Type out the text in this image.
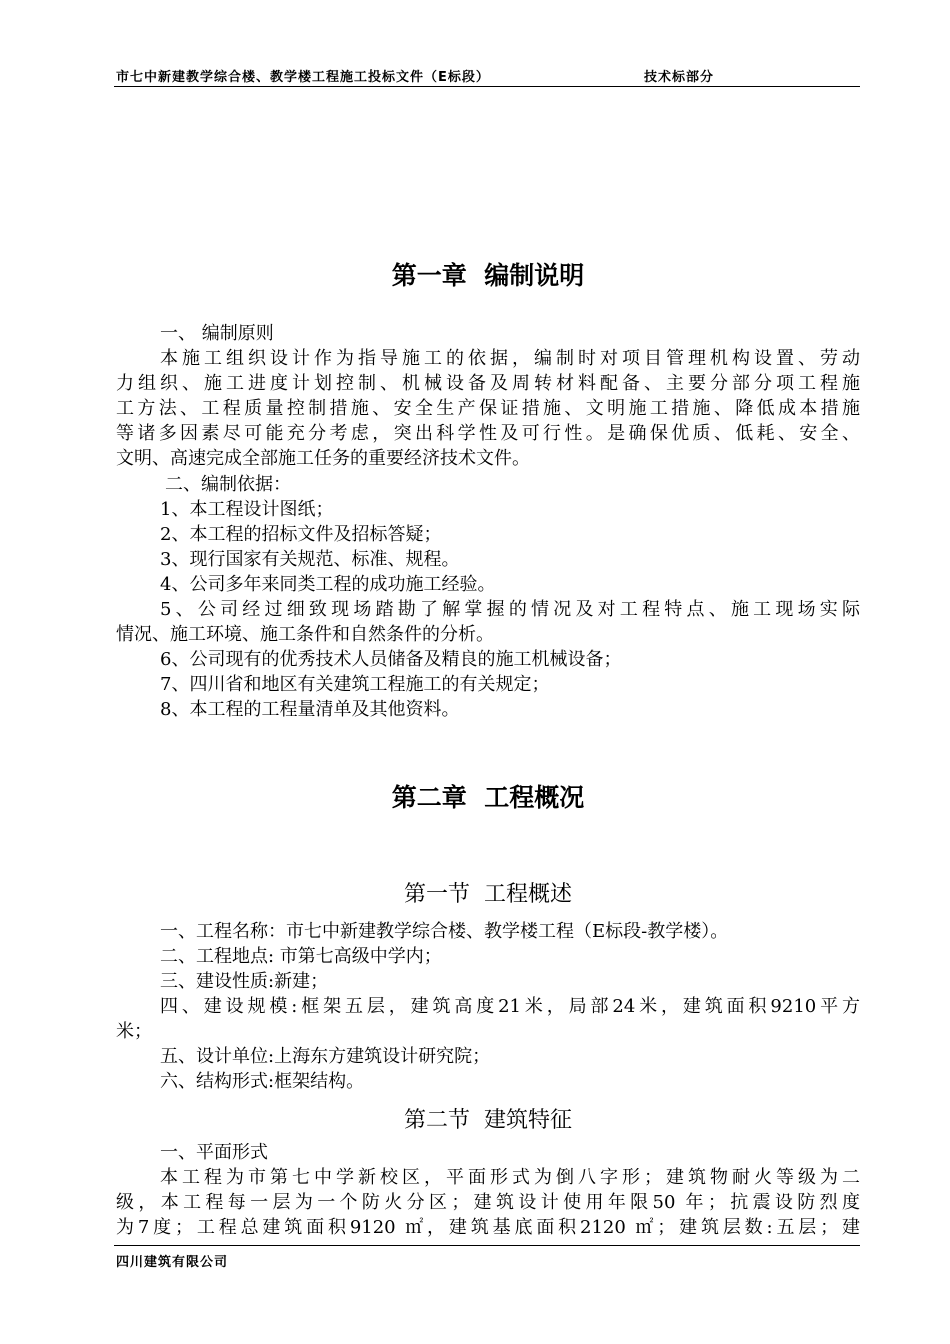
市七中新建教学综合楼、教学楼工程施工投标文件（E标段）	技术标部分
第一章  编制说明
一、 编制原则
本施工组织设计作为指导施工的依据，编制时对项目管理机构设置、劳动
力组织、施工进度计划控制、机械设备及周转材料配备、主要分部分项工程施
工方法、工程质量控制措施、安全生产保证措施、文明施工措施、降低成本措施
等诸多因素尽可能充分考虑，突出科学性及可行性。是确保优质、低耗、安全、
文明、高速完成全部施工任务的重要经济技术文件。
二、编制依据：
1、本工程设计图纸；
2、本工程的招标文件及招标答疑；
3、现行国家有关规范、标准、规程。
4、公司多年来同类工程的成功施工经验。
5、公司经过细致现场踏勘了解掌握的情况及对工程特点、施工现场实际
情况、施工环境、施工条件和自然条件的分析。
6、公司现有的优秀技术人员储备及精良的施工机械设备；
7、四川省和地区有关建筑工程施工的有关规定；
8、本工程的工程量清单及其他资料。
第二章  工程概况
第一节  工程概述
一、工程名称：市七中新建教学综合楼、教学楼工程（E标段-教学楼）。
二、工程地点: 市第七高级中学内；
三、建设性质:新建；
四、建设规模:框架五层，建筑高度21米，局部24米，建筑面积9210平方
米；
五、设计单位:上海东方建筑设计研究院；
六、结构形式:框架结构。
第二节  建筑特征
一、平面形式
本工程为市第七中学新校区，平面形式为倒八字形；建筑物耐火等级为二
级，本工程每一层为一个防火分区；建筑设计使用年限50 年；抗震设防烈度
为7度；工程总建筑面积9120 ㎡，建筑基底面积2120 ㎡；建筑层数:五层；建
四川建筑有限公司
